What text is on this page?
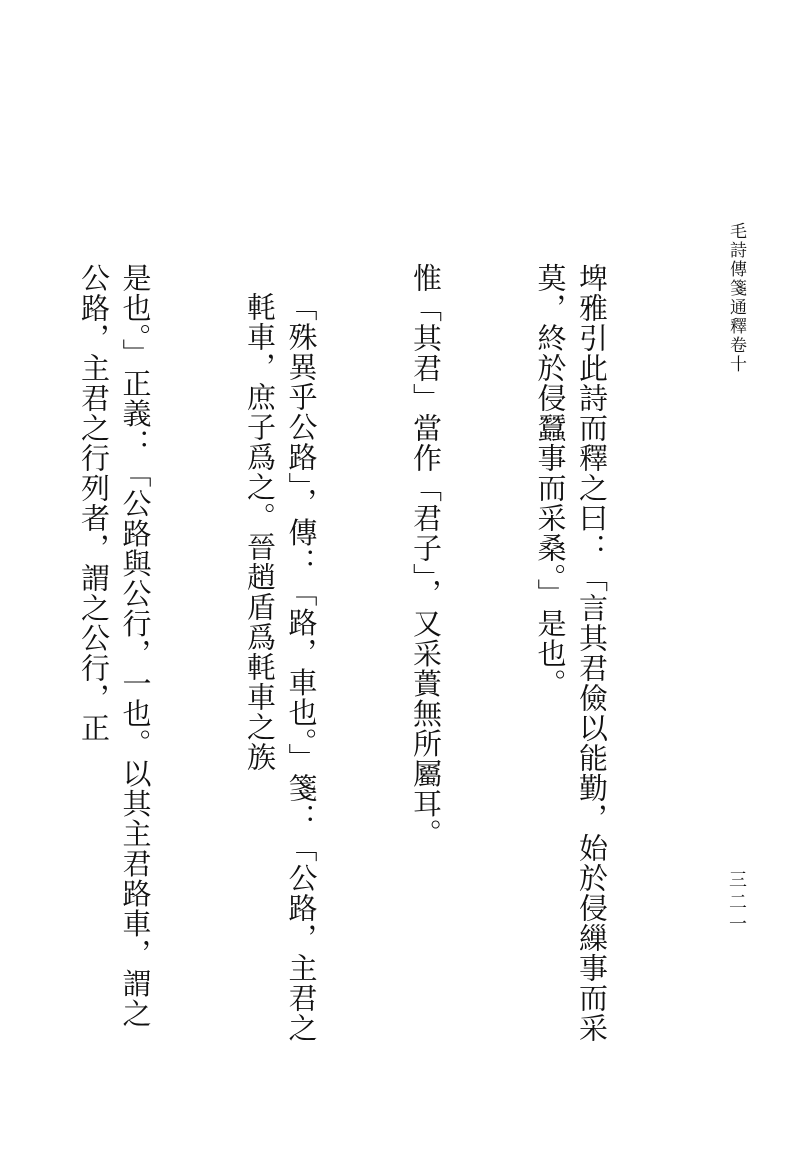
毛詩傳箋通釋卷十
三二一

埤雅引此詩而釋之曰：「言其君儉以能勤，始於侵繅事而采莫，終於侵蠶事而采桑。」是也。

惟「其君」當作「君子」，又采蕢無所屬耳。

「殊異乎公路」，傳：「路，車也。」箋：「公路，主君之軞車，庶子爲之。晉趙盾爲軞車之族

是也。」正義：「公路與公行，一也。以其主君路車，謂之公路，主君之行列者，謂之公行，正
